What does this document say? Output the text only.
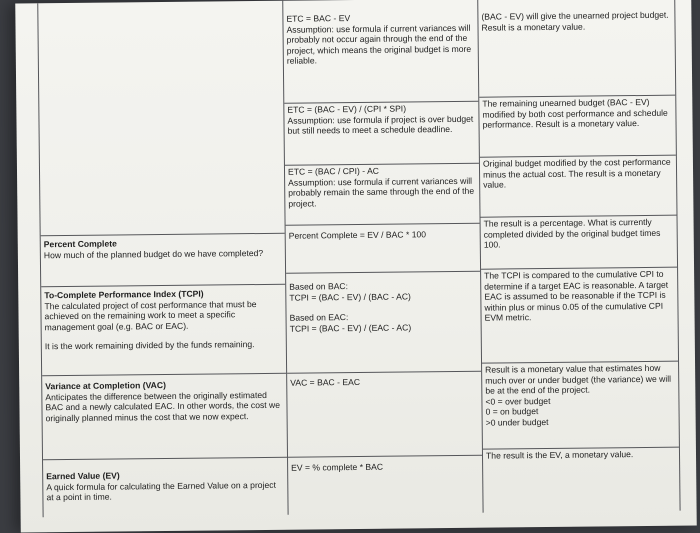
ETC = BAC - EV
Assumption: use formula if current variances will probably not occur again through the end of the project, which means the original budget is more reliable.
(BAC - EV) will give the unearned project budget. Result is a monetary value.
ETC = (BAC - EV) / (CPI * SPI)
Assumption: use formula if project is over budget but still needs to meet a schedule deadline.
The remaining unearned budget (BAC - EV) modified by both cost performance and schedule performance. Result is a monetary value.
ETC = (BAC / CPI) - AC
Assumption: use formula if current variances will probably remain the same through the end of the project.
Original budget modified by the cost performance minus the actual cost. The result is a monetary value.
Percent Complete
How much of the planned budget do we have completed?
Percent Complete = EV / BAC * 100
The result is a percentage. What is currently completed divided by the original budget times 100.
To-Complete Performance Index (TCPI)
The calculated project of cost performance that must be achieved on the remaining work to meet a specific management goal (e.g. BAC or EAC).
It is the work remaining divided by the funds remaining.
Based on BAC:
TCPI = (BAC - EV) / (BAC - AC)
Based on EAC:
TCPI = (BAC - EV) / (EAC - AC)
The TCPI is compared to the cumulative CPI to determine if a target EAC is reasonable. A target EAC is assumed to be reasonable if the TCPI is within plus or minus 0.05 of the cumulative CPI EVM metric.
Variance at Completion (VAC)
Anticipates the difference between the originally estimated BAC and a newly calculated EAC. In other words, the cost we originally planned minus the cost that we now expect.
VAC = BAC - EAC
Result is a monetary value that estimates how much over or under budget (the variance) we will be at the end of the project.
<0 = over budget
0 = on budget
>0 under budget
Earned Value (EV)
A quick formula for calculating the Earned Value on a project at a point in time.
EV = % complete * BAC
The result is the EV, a monetary value.
